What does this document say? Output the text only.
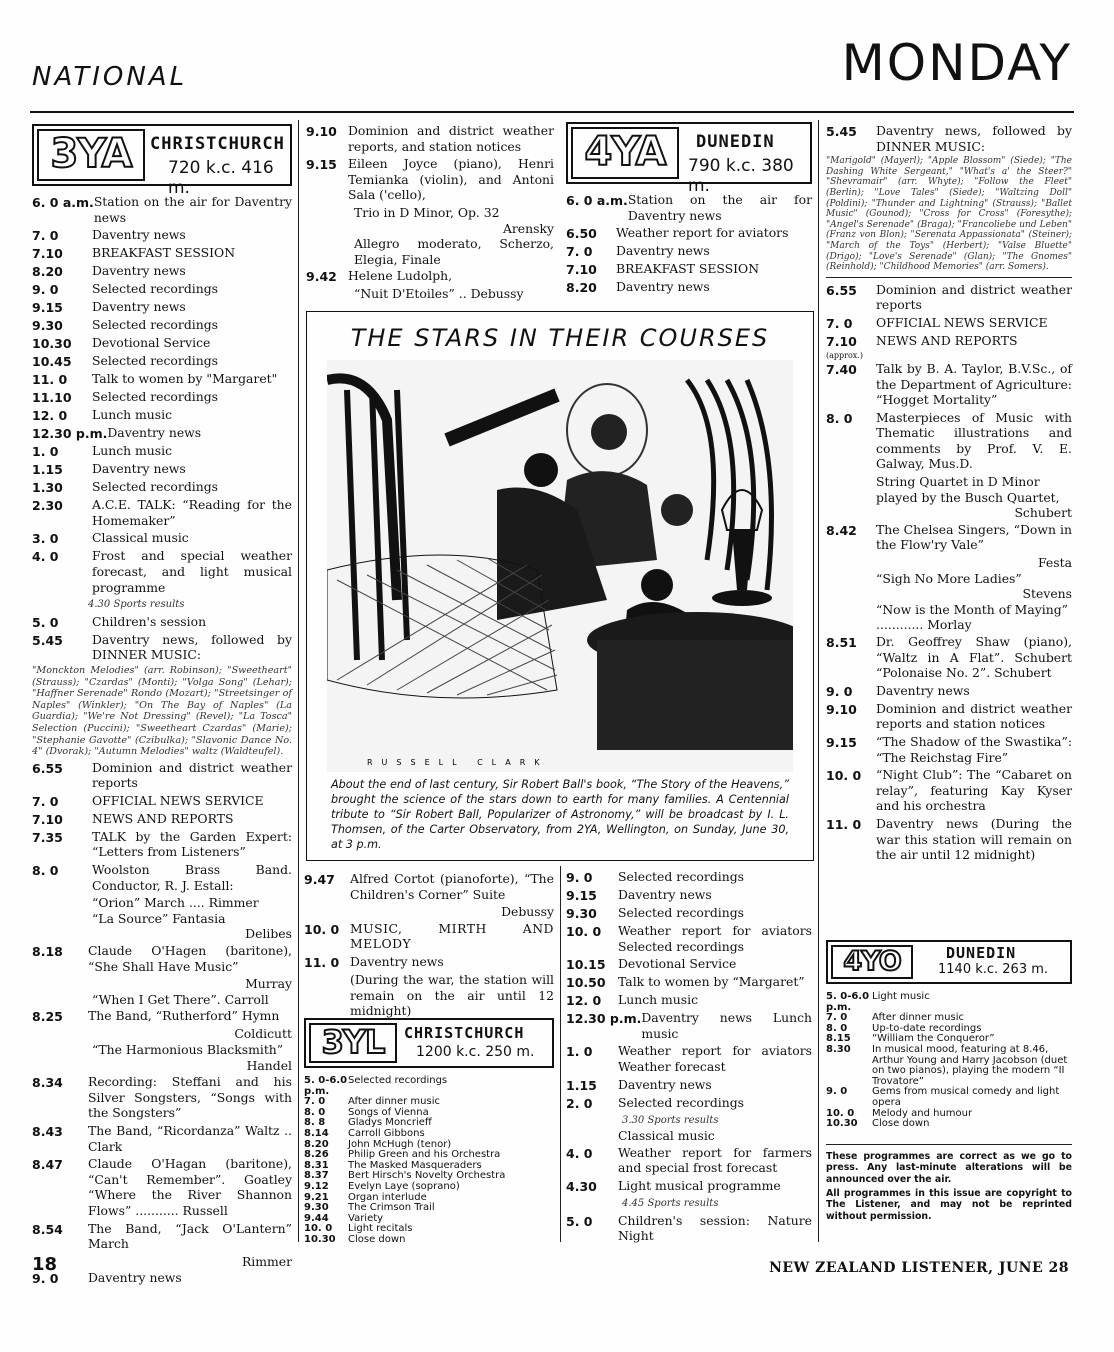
NATIONAL	MONDAY
3YA	CHRISTCHURCH
720 k.c. 416 m.
6. 0 a.m. Station on the air for Daventry news
7. 0	Daventry news
7.10	BREAKFAST SESSION
8.20	Daventry news
9. 0	Selected recordings
9.15	Daventry news
9.30	Selected recordings
10.30	Devotional Service
10.45	Selected recordings
11. 0	Talk to women by "Margaret"
11.10	Selected recordings
12. 0	Lunch music
12.30 p.m. Daventry news
1. 0	Lunch music
1.15	Daventry news
1.30	Selected recordings
2.30	A.C.E. TALK: “Reading for the Homemaker”
3. 0	Classical music
4. 0	Frost and special weather forecast, and light musical programme
4.30 Sports results
5. 0	Children's session
5.45	Daventry news, followed by DINNER MUSIC:
"Monckton Melodies" (arr. Robinson); "Sweetheart" (Strauss); "Czardas" (Monti); "Volga Song" (Lehar); "Haffner Serenade" Rondo (Mozart); "Streetsinger of Naples" (Winkler); "On The Bay of Naples" (La Guardia); "We're Not Dressing" (Revel); "La Tosca" Selection (Puccini); "Sweetheart Czardas" (Marie); "Stephanie Gavotte" (Czibulka); "Slavonic Dance No. 4" (Dvorak); "Autumn Melodies" waltz (Waldteufel).
6.55	Dominion and district weather reports
7. 0	OFFICIAL NEWS SERVICE
7.10	NEWS AND REPORTS
7.35	TALK by the Garden Expert: “Letters from Listeners”
8. 0	Woolston Brass Band. Conductor, R. J. Estall:
“Orion” March .... Rimmer
“La Source” Fantasia
Delibes
8.18	Claude O'Hagen (baritone), “She Shall Have Music”
Murray
“When I Get There”. Carroll
8.25	The Band, “Rutherford” Hymn
Coldicutt
“The Harmonious Blacksmith”
Handel
8.34	Recording: Steffani and his Silver Songsters, “Songs with the Songsters”
8.43	The Band, “Ricordanza” Waltz .. Clark
8.47	Claude O'Hagan (baritone), “Can't Remember”. Goatley “Where the River Shannon Flows” ........... Russell
8.54	The Band, “Jack O'Lantern” March
Rimmer
9. 0	Daventry news
9.10 Dominion and district weather reports, and station notices
9.15 Eileen Joyce (piano), Henri Temianka (violin), and Antoni Sala ('cello),
Trio in D Minor, Op. 32
Arensky
Allegro moderato, Scherzo, Elegia, Finale
9.42 Helene Ludolph,
“Nuit D'Etoiles” .. Debussy
4YA	DUNEDIN
790 k.c. 380 m.
6. 0 a.m. Station on the air for Daventry news
6.50	Weather report for aviators
7. 0	Daventry news
7.10	BREAKFAST SESSION
8.20	Daventry news
THE STARS IN THEIR COURSES
RUSSELL CLARK
About the end of last century, Sir Robert Ball's book, “The Story of the Heavens,” brought the science of the stars down to earth for many families. A Centennial tribute to “Sir Robert Ball, Popularizer of Astronomy,” will be broadcast by I. L. Thomsen, of the Carter Observatory, from 2YA, Wellington, on Sunday, June 30, at 3 p.m.
9.47	Alfred Cortot (pianoforte), “The Children's Corner” Suite
Debussy
10. 0 MUSIC, MIRTH AND MELODY
11. 0 Daventry news
(During the war, the station will remain on the air until 12 midnight)
3YL	CHRISTCHURCH
1200 k.c. 250 m.
5. 0-6.0 p.m.
Selected recordings
7. 0	After dinner music
8. 0	Songs of Vienna
8. 8	Gladys Moncrieff
8.14	Carroll Gibbons
8.20	John McHugh (tenor)
8.26	Philip Green and his Orchestra
8.31	The Masked Masqueraders
8.37	Bert Hirsch's Novelty Orchestra
9.12	Evelyn Laye (soprano)
9.21	Organ interlude
9.30	The Crimson Trail
9.44	Variety
10. 0	Light recitals
10.30	Close down
9. 0	Selected recordings
9.15	Daventry news
9.30	Selected recordings
10. 0	Weather report for aviators Selected recordings
10.15	Devotional Service
10.50	Talk to women by “Margaret”
12. 0	Lunch music
12.30 p.m. Daventry news Lunch music
1. 0	Weather report for aviators Weather forecast
1.15	Daventry news
2. 0	Selected recordings
3.30 Sports results
Classical music
4. 0	Weather report for farmers and special frost forecast
4.30	Light musical programme
4.45 Sports results
5. 0	Children's session: Nature Night
5.45	Daventry news, followed by DINNER MUSIC:
"Marigold" (Mayerl); "Apple Blossom" (Siede); "The Dashing White Sergeant," "What's a' the Steer?" "Shevramair" (arr. Whyte); "Follow the Fleet" (Berlin); "Love Tales" (Siede); "Waltzing Doll" (Poldini); "Thunder and Lightning" (Strauss); "Ballet Music" (Gounod); "Cross for Cross" (Foresythe); "Angel's Serenade" (Braga); "Francoliebe und Leben" (Franz von Blon); "Serenata Appassionata" (Steiner); "March of the Toys" (Herbert); "Valse Bluette" (Drigo); "Love's Serenade" (Glan); "The Gnomes" (Reinhold); "Childhood Memories" (arr. Somers).
6.55	Dominion and district weather reports
7. 0	OFFICIAL NEWS SERVICE
7.10	NEWS AND REPORTS
(approx.)
7.40	Talk by B. A. Taylor, B.V.Sc., of the Department of Agriculture: “Hogget Mortality”
8. 0	Masterpieces of Music with Thematic illustrations and comments by Prof. V. E. Galway, Mus.D.
String Quartet in D Minor played by the Busch Quartet,
Schubert
8.42	The Chelsea Singers, “Down in the Flow'ry Vale”
Festa
“Sigh No More Ladies”
Stevens
“Now is the Month of Maying” ............ Morlay
8.51	Dr. Geoffrey Shaw (piano), “Waltz in A Flat”. Schubert “Polonaise No. 2”. Schubert
9. 0	Daventry news
9.10	Dominion and district weather reports and station notices
9.15	“The Shadow of the Swastika”: “The Reichstag Fire”
10. 0	“Night Club”: The “Cabaret on relay”, featuring Kay Kyser and his orchestra
11. 0	Daventry news (During the war this station will remain on the air until 12 midnight)
4YO	DUNEDIN
1140 k.c. 263 m.
5. 0-6.0 p.m.
Light music
7. 0	After dinner music
8. 0	Up-to-date recordings
8.15	“William the Conqueror”
8.30	In musical mood, featuring at 8.46, Arthur Young and Harry Jacobson (duet on two pianos), playing the modern “II Trovatore”
9. 0	Gems from musical comedy and light opera
10. 0	Melody and humour
10.30	Close down
These programmes are correct as we go to press. Any last-minute alterations will be announced over the air.
All programmes in this issue are copyright to The Listener, and may not be reprinted without permission.
18	NEW ZEALAND LISTENER, JUNE 28
